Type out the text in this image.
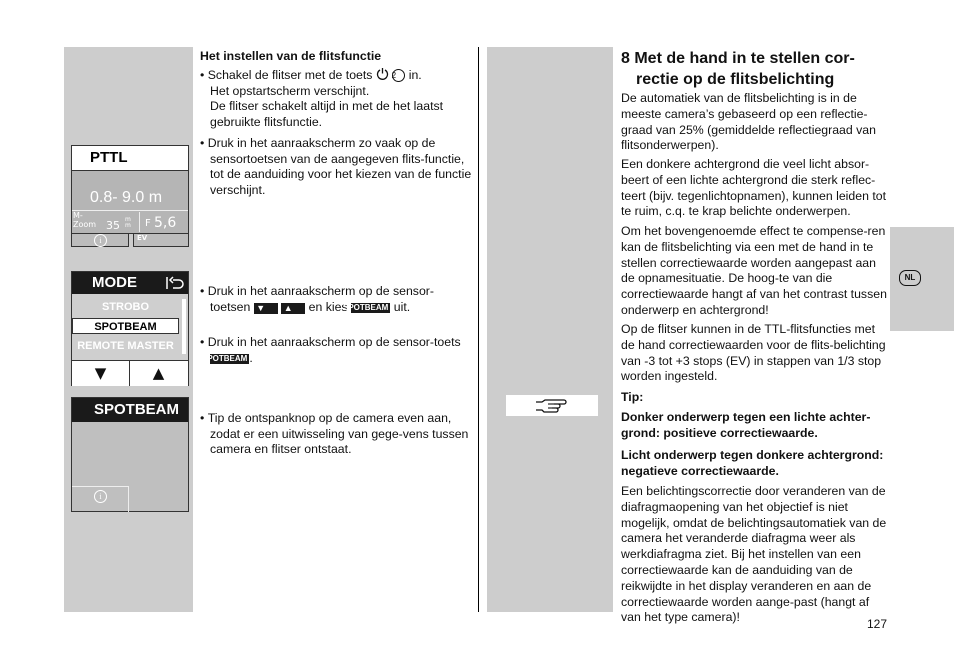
PTTL
0.8- 9.0 m
M-
Zoom 35 m
m F 5,6
i	EV
MODE
STROBO
SPOTBEAM
REMOTE MASTER
▼	▲
SPOTBEAM
i
Het instellen van de flitsfunctie

• Schakel de flitser met de toets 2 in.

Het opstartscherm verschijnt.

De flitser schakelt altijd in met de het laatst gebruikte flitsfunctie.

• Druk in het aanraakscherm zo vaak op de sensortoetsen van de aangegeven flits-functie, tot de aanduiding voor het kiezen van de functie verschijnt.

• Druk in het aanraakscherm op de sensor-toetsen ▼ ▲ en kies SPOTBEAM uit.

• Druk in het aanraakscherm op de sensor-toets SPOTBEAM .

• Tip de ontspanknop op de camera even aan, zodat er een uitwisseling van gege-vens tussen camera en flitser ontstaat.

8 Met de hand in te stellen cor-
rectie op de flitsbelichting
De automatiek van de flitsbelichting is in de meeste camera’s gebaseerd op een reflectie-graad van 25% (gemiddelde reflectiegraad van flitsonderwerpen).
Een donkere achtergrond die veel licht absor-beert of een lichte achtergrond die sterk reflec-teert (bijv. tegenlichtopnamen), kunnen leiden tot te ruim, c.q. te krap belichte onderwerpen.
Om het bovengenoemde effect te compense-ren kan de flitsbelichting via een met de hand in te stellen correctiewaarde worden aangepast aan de opnamesituatie. De hoog-te van die correctiewaarde hangt af van het contrast tussen onderwerp en achtergrond!
Op de flitser kunnen in de TTL-flitsfuncties met de hand correctiewaarden voor de flits-belichting van -3 tot +3 stops (EV) in stappen van 1/3 stop worden ingesteld.
Tip:
Donker onderwerp tegen een lichte achter-grond: positieve correctiewaarde.
Licht onderwerp tegen donkere achtergrond: negatieve correctiewaarde.
Een belichtingscorrectie door veranderen van de diafragmaopening van het objectief is niet mogelijk, omdat de belichtingsautomatiek van de camera het veranderde diafragma weer als werkdiafragma ziet. Bij het instellen van een correctiewaarde kan de aanduiding van de reikwijdte in het display veranderen en aan de correctiewaarde worden aange-past (hangt af van het type camera)!
NL
127
